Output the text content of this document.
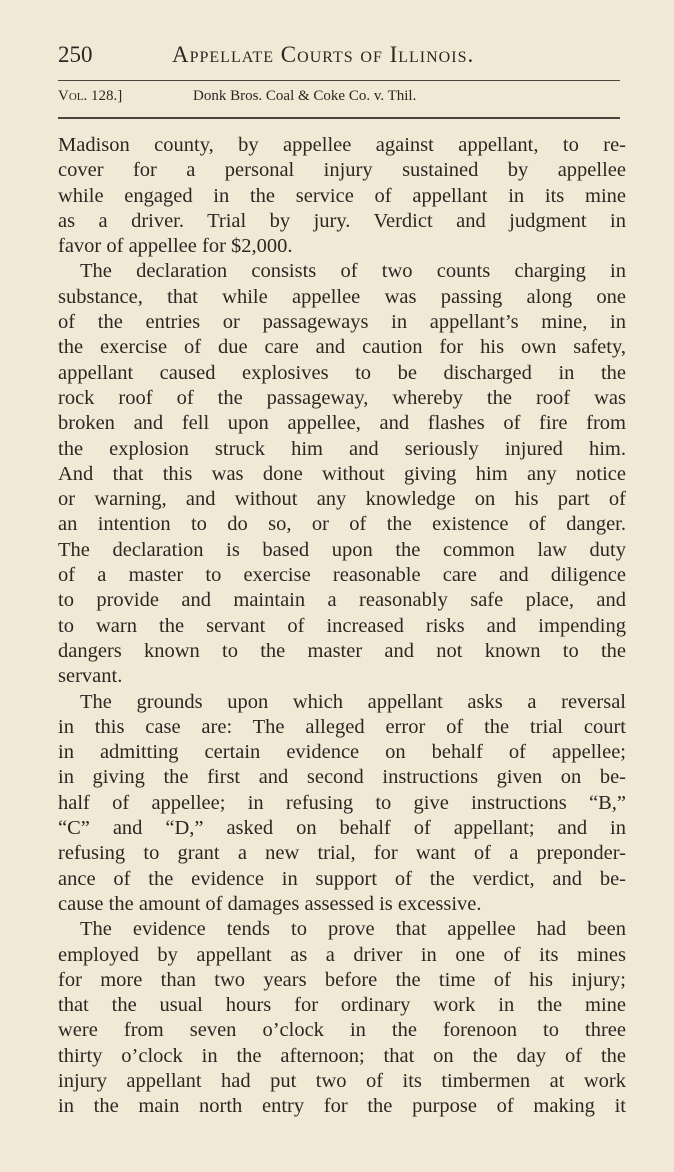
250	Appellate Courts of Illinois.
Vol. 128.]	Donk Bros. Coal & Coke Co. v. Thil.
Madison county, by appellee against appellant, to re-
cover for a personal injury sustained by appellee
while engaged in the service of appellant in its mine
as a driver. Trial by jury. Verdict and judgment in
favor of appellee for $2,000.
The declaration consists of two counts charging in
substance, that while appellee was passing along one
of the entries or passageways in appellant’s mine, in
the exercise of due care and caution for his own safety,
appellant caused explosives to be discharged in the
rock roof of the passageway, whereby the roof was
broken and fell upon appellee, and flashes of fire from
the explosion struck him and seriously injured him.
And that this was done without giving him any notice
or warning, and without any knowledge on his part of
an intention to do so, or of the existence of danger.
The declaration is based upon the common law duty
of a master to exercise reasonable care and diligence
to provide and maintain a reasonably safe place, and
to warn the servant of increased risks and impending
dangers known to the master and not known to the
servant.
The grounds upon which appellant asks a reversal
in this case are: The alleged error of the trial court
in admitting certain evidence on behalf of appellee;
in giving the first and second instructions given on be-
half of appellee; in refusing to give instructions “B,”
“C” and “D,” asked on behalf of appellant; and in
refusing to grant a new trial, for want of a preponder-
ance of the evidence in support of the verdict, and be-
cause the amount of damages assessed is excessive.
The evidence tends to prove that appellee had been
employed by appellant as a driver in one of its mines
for more than two years before the time of his injury;
that the usual hours for ordinary work in the mine
were from seven o’clock in the forenoon to three
thirty o’clock in the afternoon; that on the day of the
injury appellant had put two of its timbermen at work
in the main north entry for the purpose of making it
